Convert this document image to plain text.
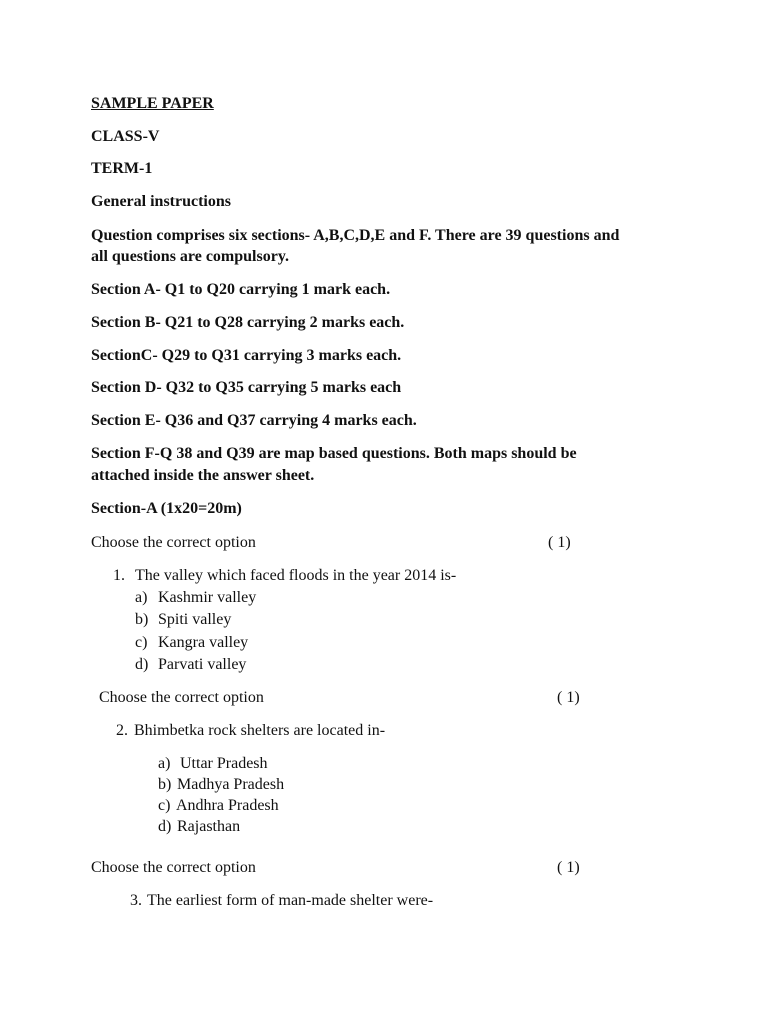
SAMPLE PAPER
CLASS-V
TERM-1
General instructions
Question comprises six sections- A,B,C,D,E and F. There are 39 questions and
all questions are compulsory.
Section A- Q1 to Q20 carrying 1 mark each.
Section B- Q21 to Q28 carrying 2 marks each.
SectionC- Q29 to Q31 carrying 3 marks each.
Section D- Q32 to Q35 carrying 5 marks each
Section E- Q36 and Q37 carrying 4 marks each.
Section F-Q 38 and Q39 are map based questions. Both maps should be
attached inside the answer sheet.
Section-A (1x20=20m)
Choose the correct option	( 1)
1. The valley which faced floods in the year 2014 is-
a) Kashmir valley
b) Spiti valley
c) Kangra valley
d) Parvati valley
Choose the correct option	( 1)
2. Bhimbetka rock shelters are located in-
a) Uttar Pradesh
b) Madhya Pradesh
c) Andhra Pradesh
d) Rajasthan
Choose the correct option	( 1)
3. The earliest form of man-made shelter were-
